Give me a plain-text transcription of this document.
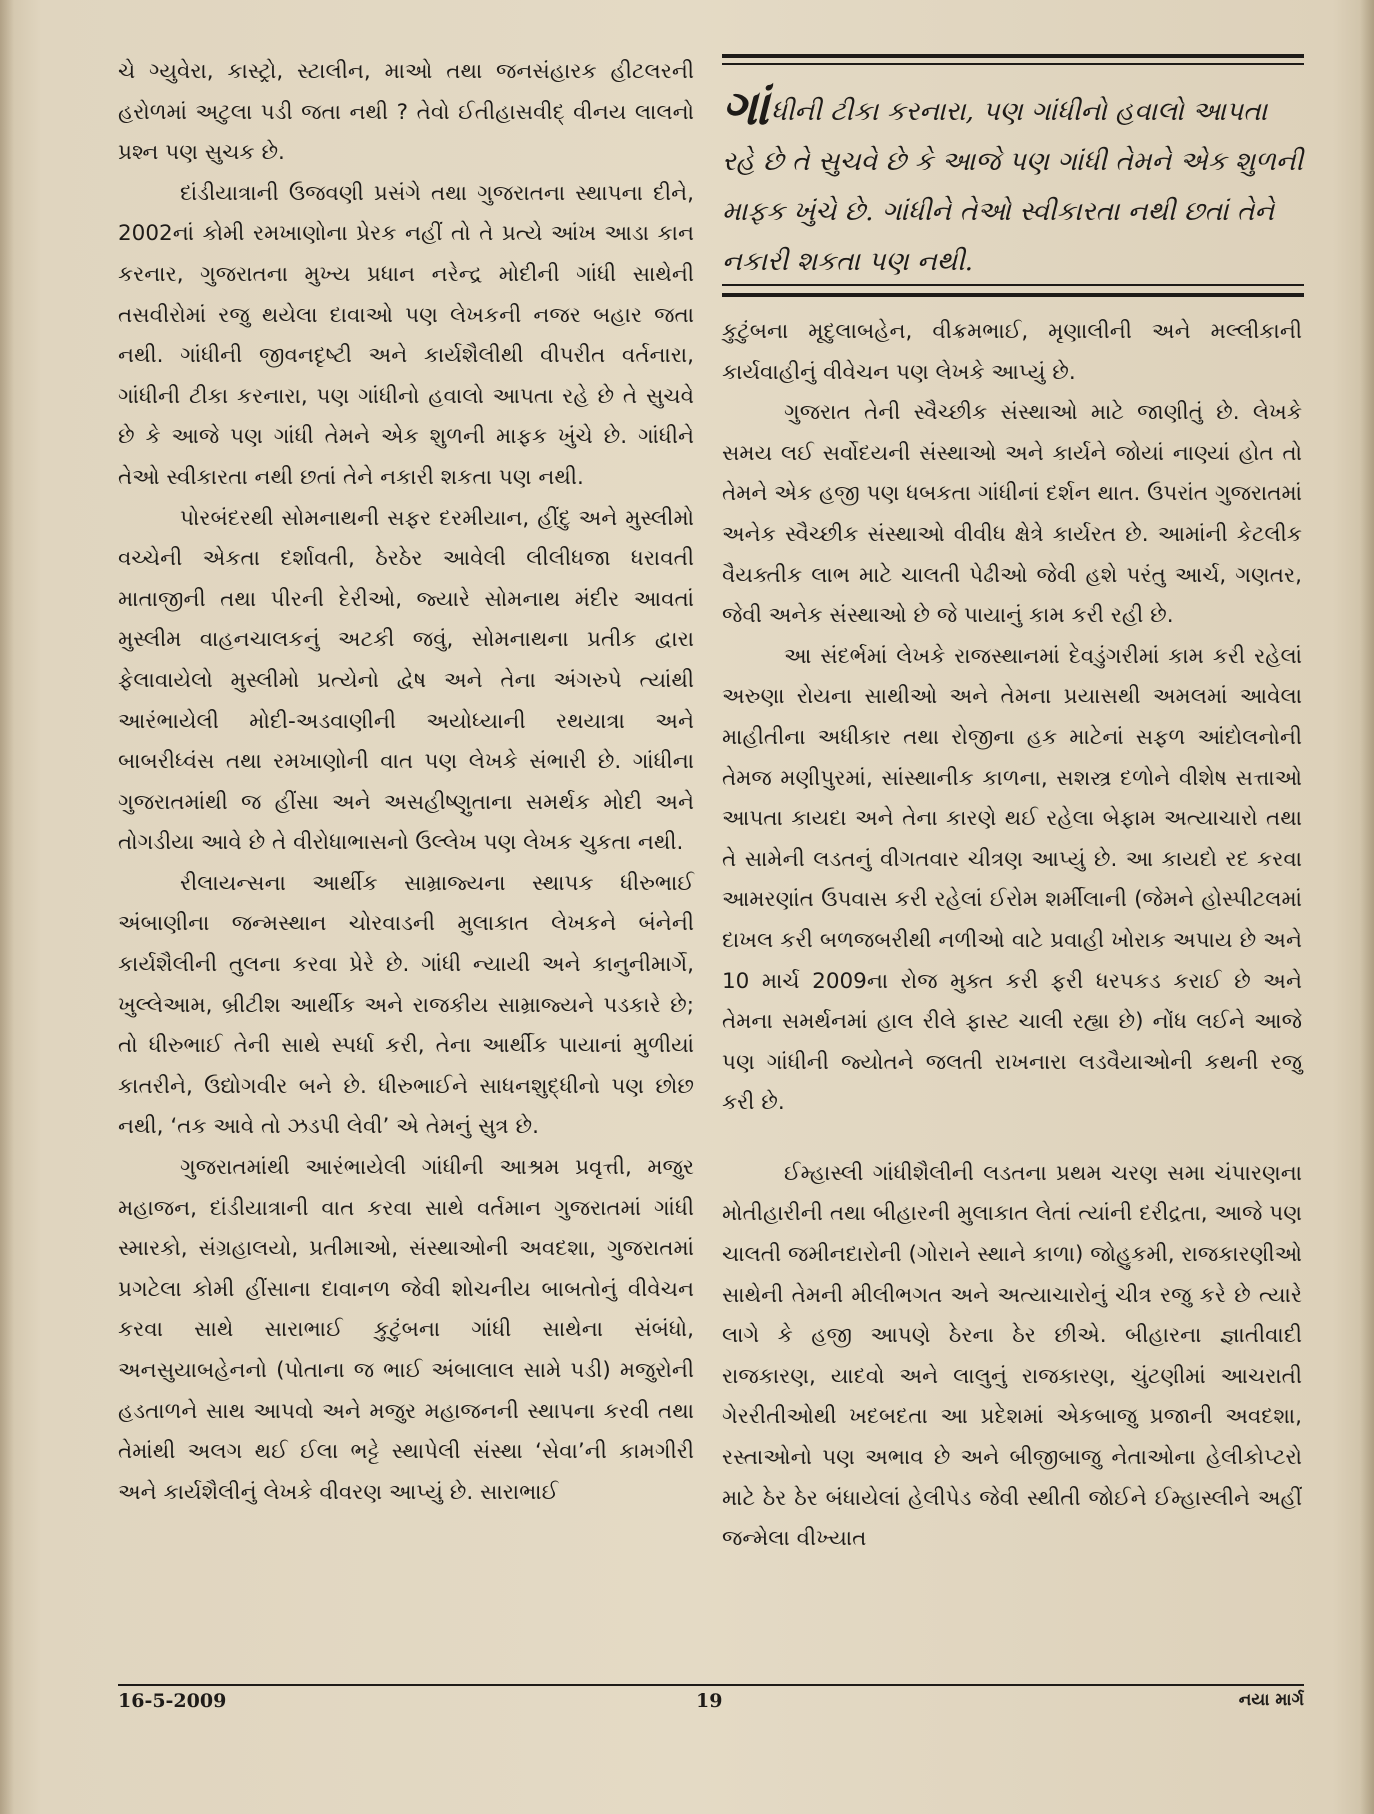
ચે ગ્યુવેરા, કાસ્ટ્રો, સ્ટાલીન, માઓ તથા જનસંહારક હીટલરની હરોળમાં અટુલા પડી જતા નથી ? તેવો ઈતીહાસવીદ્ વીનય લાલનો પ્રશ્ન પણ સુચક છે.

દાંડીયાત્રાની ઉજવણી પ્રસંગે તથા ગુજરાતના સ્થાપના દીને, 2002નાં કોમી રમખાણોના પ્રેરક નહીં તો તે પ્રત્યે આંખ આડા કાન કરનાર, ગુજરાતના મુખ્ય પ્રધાન નરેન્દ્ર મોદીની ગાંધી સાથેની તસવીરોમાં રજુ થયેલા દાવાઓ પણ લેખકની નજર બહાર જતા નથી. ગાંધીની જીવનદૃષ્ટી અને કાર્યશૈલીથી વીપરીત વર્તનારા, ગાંધીની ટીકા કરનારા, પણ ગાંધીનો હવાલો આપતા રહે છે તે સુચવે છે કે આજે પણ ગાંધી તેમને એક શુળની માફક ખુંચે છે. ગાંધીને તેઓ સ્વીકારતા નથી છતાં તેને નકારી શકતા પણ નથી.

પોરબંદરથી સોમનાથની સફર દરમીયાન, હીંદુ અને મુસ્લીમો વચ્ચેની એકતા દર્શાવતી, ઠેરઠેર આવેલી લીલીધજા ધરાવતી માતાજીની તથા પીરની દેરીઓ, જ્યારે સોમનાથ મંદીર આવતાં મુસ્લીમ વાહનચાલકનું અટકી જવું, સોમનાથના પ્રતીક દ્વારા ફેલાવાયેલો મુસ્લીમો પ્રત્યેનો દ્વેષ અને તેના અંગરુપે ત્યાંથી આરંભાયેલી મોદી-અડવાણીની અયોધ્યાની રથયાત્રા અને બાબરીધ્વંસ તથા રમખાણોની વાત પણ લેખકે સંભારી છે. ગાંધીના ગુજરાતમાંથી જ હીંસા અને અસહીષ્ણુતાના સમર્થક મોદી અને તોગડીયા આવે છે તે વીરોધાભાસનો ઉલ્લેખ પણ લેખક ચુકતા નથી.

રીલાયન્સના આર્થીક સામ્રાજ્યના સ્થાપક ધીરુભાઈ અંબાણીના જન્મસ્થાન ચોરવાડની મુલાકાત લેખકને બંનેની કાર્યશૈલીની તુલના કરવા પ્રેરે છે. ગાંધી ન્યાયી અને કાનુનીમાર્ગે, ખુલ્લેઆમ, બ્રીટીશ આર્થીક અને રાજકીય સામ્રાજ્યને પડકારે છે; તો ધીરુભાઈ તેની સાથે સ્પર્ધા કરી, તેના આર્થીક પાયાનાં મુળીયાં કાતરીને, ઉદ્યોગવીર બને છે. ધીરુભાઈને સાધનશુદ્ધીનો પણ છોછ નથી, ‘તક આવે તો ઝડપી લેવી’ એ તેમનું સુત્ર છે.

ગુજરાતમાંથી આરંભાયેલી ગાંધીની આશ્રમ પ્રવૃત્તી, મજુર મહાજન, દાંડીયાત્રાની વાત કરવા સાથે વર્તમાન ગુજરાતમાં ગાંધી સ્મારકો, સંગ્રહાલયો, પ્રતીમાઓ, સંસ્થાઓની અવદશા, ગુજરાતમાં પ્રગટેલા કોમી હીંસાના દાવાનળ જેવી શોચનીય બાબતોનું વીવેચન કરવા સાથે સારાભાઈ કુટુંબના ગાંધી સાથેના સંબંધો, અનસુયાબહેનનો (પોતાના જ ભાઈ અંબાલાલ સામે પડી) મજુરોની હડતાળને સાથ આપવો અને મજુર મહાજનની સ્થાપના કરવી તથા તેમાંથી અલગ થઈ ઈલા ભટ્ટે સ્થાપેલી સંસ્થા ‘સેવા’ની કામગીરી અને કાર્યશૈલીનું લેખકે વીવરણ આપ્યું છે. સારાભાઈ

ગાંધીની ટીકા કરનારા, પણ ગાંધીનો હવાલો આપતા રહે છે તે સુચવે છે કે આજે પણ ગાંધી તેમને એક શુળની માફક ખુંચે છે. ગાંધીને તેઓ સ્વીકારતા નથી છતાં તેને નકારી શકતા પણ નથી.

કુટુંબના મૃદુલાબહેન, વીક્રમભાઈ, મૃણાલીની અને મલ્લીકાની કાર્યવાહીનું વીવેચન પણ લેખકે આપ્યું છે.

ગુજરાત તેની સ્વૈચ્છીક સંસ્થાઓ માટે જાણીતું છે. લેખકે સમય લઈ સર્વોદયની સંસ્થાઓ અને કાર્યને જોયાં નાણ્યાં હોત તો તેમને એક હજી પણ ધબકતા ગાંધીનાં દર્શન થાત. ઉપરાંત ગુજરાતમાં અનેક સ્વૈચ્છીક સંસ્થાઓ વીવીધ ક્ષેત્રે કાર્યરત છે. આમાંની કેટલીક વૈયક્તીક લાભ માટે ચાલતી પેઢીઓ જેવી હશે પરંતુ આર્ચ, ગણતર, જેવી અનેક સંસ્થાઓ છે જે પાયાનું કામ કરી રહી છે.

આ સંદર્ભમાં લેખકે રાજસ્થાનમાં દેવડુંગરીમાં કામ કરી રહેલાં અરુણા રોયના સાથીઓ અને તેમના પ્રયાસથી અમલમાં આવેલા માહીતીના અધીકાર તથા રોજીના હક માટેનાં સફળ આંદોલનોની તેમજ મણીપુરમાં, સાંસ્થાનીક કાળના, સશસ્ત્ર દળોને વીશેષ સત્તાઓ આપતા કાયદા અને તેના કારણે થઈ રહેલા બેફામ અત્યાચારો તથા તે સામેની લડતનું વીગતવાર ચીત્રણ આપ્યું છે. આ કાયદો રદ કરવા આમરણાંત ઉપવાસ કરી રહેલાં ઈરોમ શર્મીલાની (જેમને હોસ્પીટલમાં દાખલ કરી બળજબરીથી નળીઓ વાટે પ્રવાહી ખોરાક અપાય છે અને 10 માર્ચ 2009ના રોજ મુક્ત કરી ફરી ધરપકડ કરાઈ છે અને તેમના સમર્થનમાં હાલ રીલે ફાસ્ટ ચાલી રહ્યા છે) નોંધ લઈને આજે પણ ગાંધીની જ્યોતને જલતી રાખનારા લડવૈયાઓની કથની રજુ કરી છે.

ઈમ્હાસ્લી ગાંધીશૈલીની લડતના પ્રથમ ચરણ સમા ચંપારણના મોતીહારીની તથા બીહારની મુલાકાત લેતાં ત્યાંની દરીદ્રતા, આજે પણ ચાલતી જમીનદારોની (ગોરાને સ્થાને કાળા) જોહુકમી, રાજકારણીઓ સાથેની તેમની મીલીભગત અને અત્યાચારોનું ચીત્ર રજુ કરે છે ત્યારે લાગે કે હજી આપણે ઠેરના ઠેર છીએ. બીહારના જ્ઞાતીવાદી રાજકારણ, યાદવો અને લાલુનું રાજકારણ, ચુંટણીમાં આચરાતી ગેરરીતીઓથી ખદબદતા આ પ્રદેશમાં એકબાજુ પ્રજાની અવદશા, રસ્તાઓનો પણ અભાવ છે અને બીજીબાજુ નેતાઓના હેલીકોપ્ટરો માટે ઠેર ઠેર બંધાયેલાં હેલીપેડ જેવી સ્થીતી જોઈને ઈમ્હાસ્લીને અહીં જન્મેલા વીખ્યાત

16-5-2009	19	નયા માર્ગ
